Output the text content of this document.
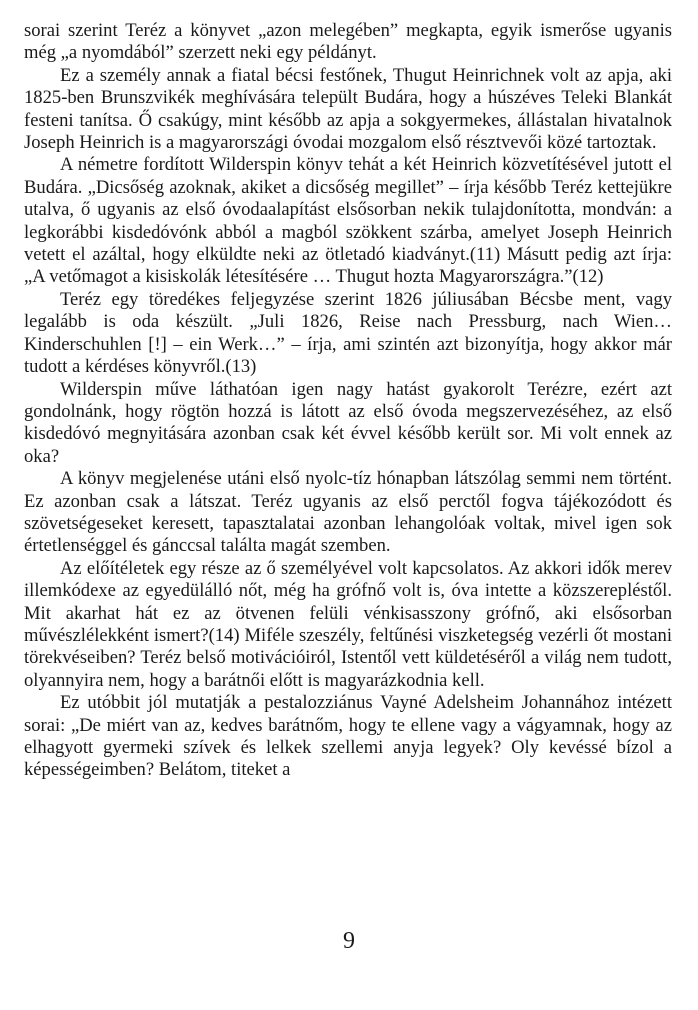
sorai szerint Teréz a könyvet „azon melegében” megkapta, egyik ismerőse ugyanis még „a nyomdából” szerzett neki egy példányt.

Ez a személy annak a fiatal bécsi festőnek, Thugut Heinrichnek volt az apja, aki 1825-ben Brunszvikék meghívására települt Budára, hogy a húszéves Teleki Blankát festeni tanítsa. Ő csakúgy, mint később az apja a sokgyermekes, állástalan hivatalnok Joseph Heinrich is a magyarországi óvodai mozgalom első résztvevői közé tartoztak.

A németre fordított Wilderspin könyv tehát a két Heinrich közvetítésével jutott el Budára. „Dicsőség azoknak, akiket a dicsőség megillet” – írja később Teréz kettejükre utalva, ő ugyanis az első óvodaalapítást elsősorban nekik tulajdonította, mondván: a legkorábbi kisdedóvónk abból a magból szökkent szárba, amelyet Joseph Heinrich vetett el azáltal, hogy elküldte neki az ötletadó kiadványt.(11) Másutt pedig azt írja: „A vetőmagot a kisiskolák létesítésére … Thugut hozta Magyarországra.”(12)

Teréz egy töredékes feljegyzése szerint 1826 júliusában Bécsbe ment, vagy legalább is oda készült. „Juli 1826, Reise nach Pressburg, nach Wien… Kinderschuhlen [!] – ein Werk…” – írja, ami szintén azt bizonyítja, hogy akkor már tudott a kérdéses könyvről.(13)

Wilderspin műve láthatóan igen nagy hatást gyakorolt Terézre, ezért azt gondolnánk, hogy rögtön hozzá is látott az első óvoda megszervezéséhez, az első kisdedóvó megnyitására azonban csak két évvel később került sor. Mi volt ennek az oka?

A könyv megjelenése utáni első nyolc-tíz hónapban látszólag semmi nem történt. Ez azonban csak a látszat. Teréz ugyanis az első perctől fogva tájékozódott és szövetségeseket keresett, tapasztalatai azonban lehangolóak voltak, mivel igen sok értetlenséggel és gánccsal találta magát szemben.

Az előítéletek egy része az ő személyével volt kapcsolatos. Az akkori idők merev illemkódexe az egyedülálló nőt, még ha grófnő volt is, óva intette a közszerepléstől. Mit akarhat hát ez az ötvenen felüli vénkisasszony grófnő, aki elsősorban művészlélekként ismert?(14) Miféle szeszély, feltűnési viszketegség vezérli őt mostani törekvéseiben? Teréz belső motivációiról, Istentől vett küldetéséről a világ nem tudott, olyannyira nem, hogy a barátnői előtt is magyarázkodnia kell.

Ez utóbbit jól mutatják a pestalozziánus Vayné Adelsheim Johannához intézett sorai: „De miért van az, kedves barátnőm, hogy te ellene vagy a vágyamnak, hogy az elhagyott gyermeki szívek és lelkek szellemi anyja legyek? Oly kevéssé bízol a képességeimben? Belátom, titeket a

9
